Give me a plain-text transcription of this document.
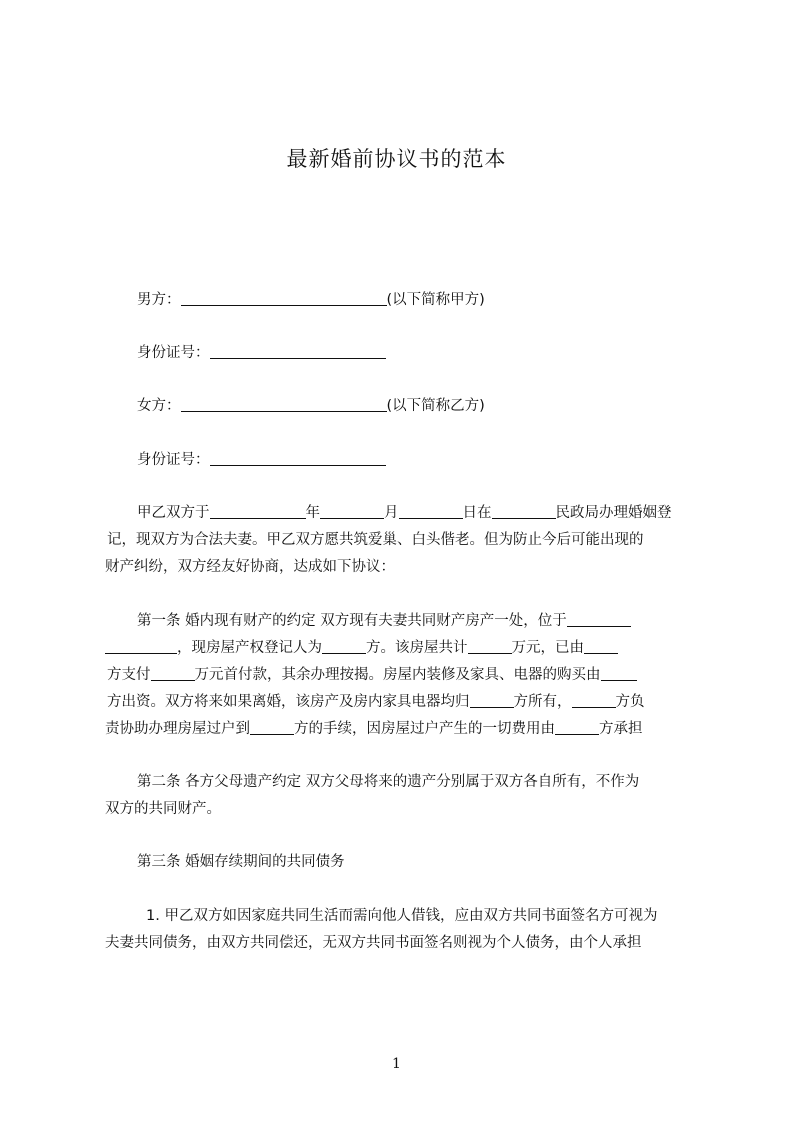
最新婚前协议书的范本
男方：	(以下简称甲方)
身份证号：
女方：	(以下简称乙方)
身份证号：
甲乙双方于	年	月	日在	民政局办理婚姻登
记，现双方为合法夫妻。甲乙双方愿共筑爱巢、白头偕老。但为防止今后可能出现的
财产纠纷，双方经友好协商，达成如下协议：
第一条 婚内现有财产的约定 双方现有夫妻共同财产房产一处，位于
，现房屋产权登记人为	方。该房屋共计	万元，已由
方支付	万元首付款，其余办理按揭。房屋内装修及家具、电器的购买由
方出资。双方将来如果离婚，该房产及房内家具电器均归	方所有，	方负
责协助办理房屋过户到	方的手续，因房屋过户产生的一切费用由	方承担
第二条 各方父母遗产约定 双方父母将来的遗产分别属于双方各自所有，不作为
双方的共同财产。
第三条 婚姻存续期间的共同债务
1. 甲乙双方如因家庭共同生活而需向他人借钱，应由双方共同书面签名方可视为
夫妻共同债务，由双方共同偿还，无双方共同书面签名则视为个人债务，由个人承担
1
